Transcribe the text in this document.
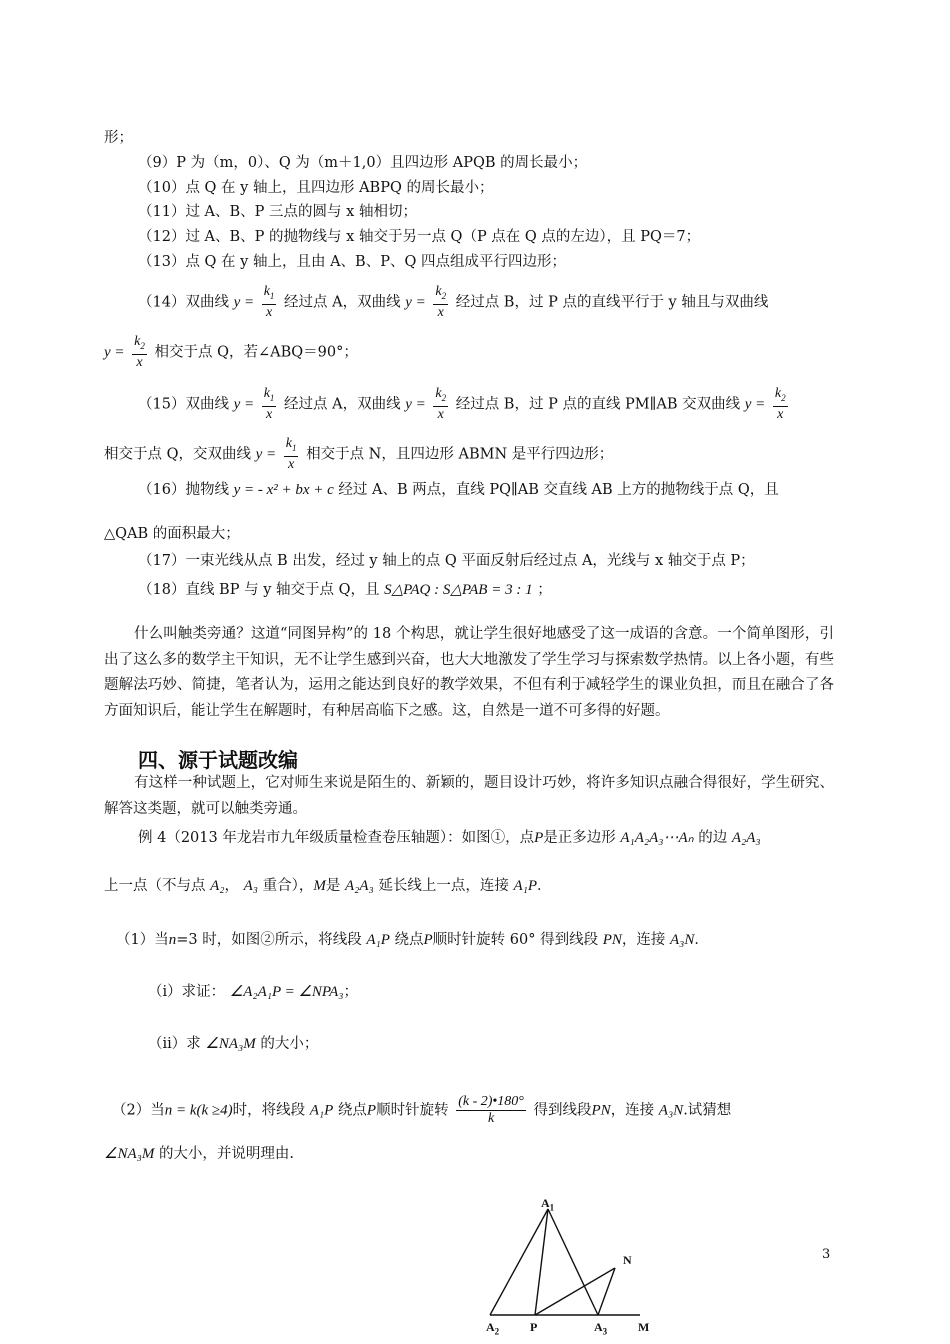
形；
（9）P 为（m，0）、Q 为（m＋1,0）且四边形 APQB 的周长最小；
（10）点 Q 在 y 轴上，且四边形 ABPQ 的周长最小；
（11）过 A、B、P 三点的圆与 x 轴相切；
（12）过 A、B、P 的抛物线与 x 轴交于另一点 Q（P 点在 Q 点的左边），且 PQ＝7；
（13）点 Q 在 y 轴上，且由 A、B、P、Q 四点组成平行四边形；
（14）双曲线 $y = \frac{k_1}{x}$ 经过点 A，双曲线 $y = \frac{k_2}{x}$ 经过点 B，过 P 点的直线平行于 y 轴且与双曲线
$y = \frac{k_2}{x}$ 相交于点 Q，若∠ABQ＝90°；
（15）双曲线 $y = \frac{k_1}{x}$ 经过点 A，双曲线 $y = \frac{k_2}{x}$ 经过点 B，过 P 点的直线 PM∥AB 交双曲线 $y = \frac{k_2}{x}$
相交于点 Q，交双曲线 $y = \frac{k_1}{x}$ 相交于点 N，且四边形 ABMN 是平行四边形；
（16）抛物线 y = - x² + bx + c 经过 A、B 两点，直线 PQ∥AB 交直线 AB 上方的抛物线于点 Q，且
△QAB 的面积最大；
（17）一束光线从点 B 出发，经过 y 轴上的点 Q 平面反射后经过点 A，光线与 x 轴交于点 P；
（18）直线 BP 与 y 轴交于点 Q，且 S△PAQ : S△PAB = 3 : 1 ；
什么叫触类旁通？这道“同图异构”的 18 个构思，就让学生很好地感受了这一成语的含意。一个简单图形，引出了这么多的数学主干知识，无不让学生感到兴奋，也大大地激发了学生学习与探索数学热情。以上各小题，有些题解法巧妙、简捷，笔者认为，运用之能达到良好的教学效果，不但有利于减轻学生的课业负担，而且在融合了各方面知识后，能让学生在解题时，有种居高临下之感。这，自然是一道不可多得的好题。
四、源于试题改编
有这样一种试题上，它对师生来说是陌生的、新颖的，题目设计巧妙，将许多知识点融合得很好，学生研究、解答这类题，就可以触类旁通。
例 4（2013 年龙岩市九年级质量检查卷压轴题）：如图①，点P是正多边形 A₁A₂A₃⋯Aₙ 的边 A₂A₃
上一点（不与点 A₂， A₃ 重合），M是 A₂A₃ 延长线上一点，连接 A₁P．
（1）当n=3 时，如图②所示，将线段 A₁P 绕点P顺时针旋转 60° 得到线段 PN，连接 A₃N．
（i）求证： ∠A₂A₁P = ∠NPA₃；
（ii）求 ∠NA₃M 的大小；
（2）当n = k(k ≥4)时，将线段 A₁P 绕点P顺时针旋转 $\frac{(k - 2)•180^\circ}{k}$ 得到线段PN，连接 A₃N.试猜想
∠NA₃M 的大小，并说明理由.
$A_1$
N
$A_2$	P	$A_3$	M
3
